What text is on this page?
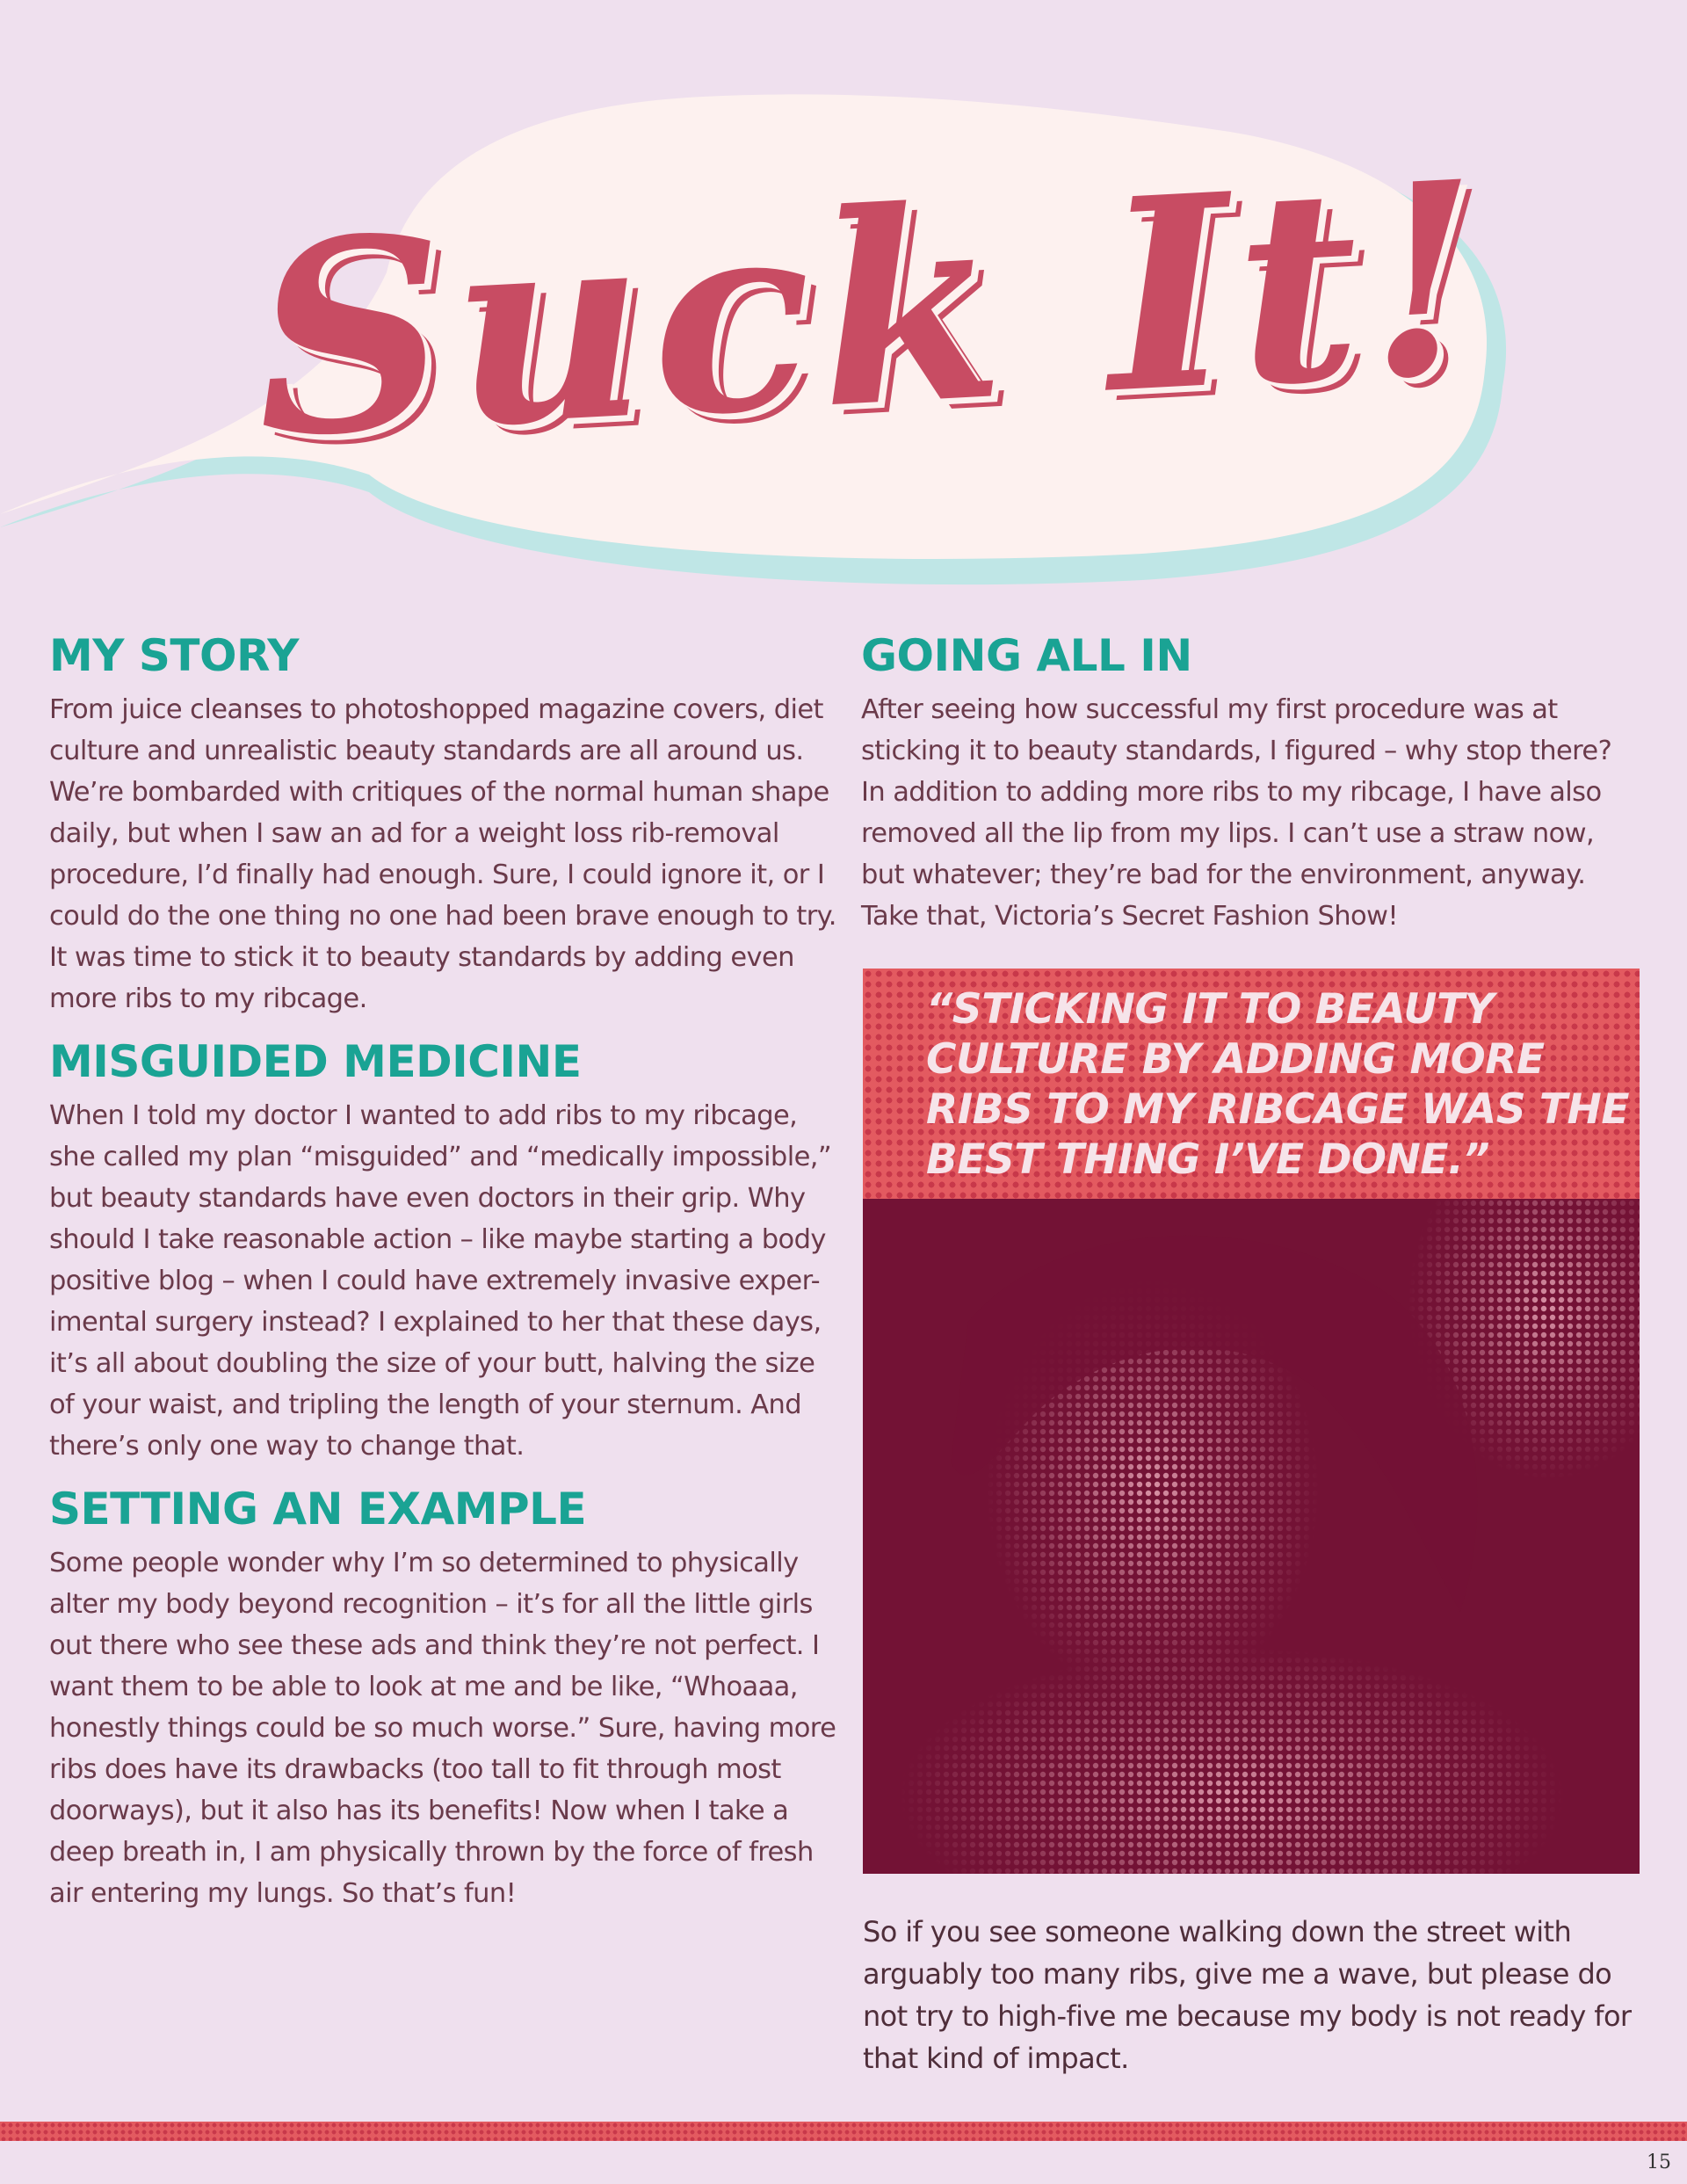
Suck It!
MY STORY

From juice cleanses to photoshopped magazine covers, diet culture and unrealistic beauty standards are all around us. We’re bombarded with critiques of the normal human shape daily, but when I saw an ad for a weight loss rib-removal procedure, I’d finally had enough. Sure, I could ignore it, or I could do the one thing no one had been brave enough to try. It was time to stick it to beauty standards by adding even more ribs to my ribcage.

MISGUIDED MEDICINE

When I told my doctor I wanted to add ribs to my ribcage, she called my plan “misguided” and “medically impossible,” but beauty standards have even doctors in their grip. Why should I take reasonable action – like maybe starting a body positive blog – when I could have extremely invasive exper- imental surgery instead? I explained to her that these days, it’s all about doubling the size of your butt, halving the size of your waist, and tripling the length of your sternum. And there’s only one way to change that.

SETTING AN EXAMPLE

Some people wonder why I’m so determined to physically alter my body beyond recognition – it’s for all the little girls out there who see these ads and think they’re not perfect. I want them to be able to look at me and be like, “Whoaaa, honestly things could be so much worse.” Sure, having more ribs does have its drawbacks (too tall to fit through most doorways), but it also has its benefits! Now when I take a deep breath in, I am physically thrown by the force of fresh air entering my lungs. So that’s fun!

GOING ALL IN

After seeing how successful my first procedure was at sticking it to beauty standards, I figured – why stop there? In addition to adding more ribs to my ribcage, I have also removed all the lip from my lips. I can’t use a straw now, but whatever; they’re bad for the environment, anyway. Take that, Victoria’s Secret Fashion Show!

“STICKING IT TO BEAUTY CULTURE BY ADDING MORE RIBS TO MY RIBCAGE WAS THE BEST THING I’VE DONE.”

So if you see someone walking down the street with arguably too many ribs, give me a wave, but please do not try to high-five me because my body is not ready for that kind of impact.

15
